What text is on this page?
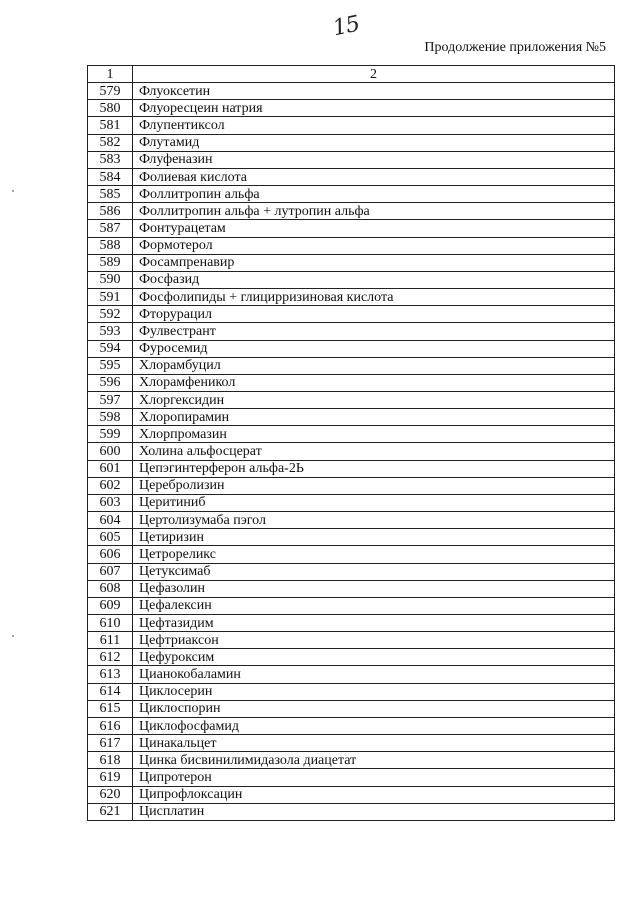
15
Продолжение приложения №5
1	2
579	Флуоксетин
580	Флуоресцеин натрия
581	Флупентиксол
582	Флутамид
583	Флуфеназин
584	Фолиевая кислота
585	Фоллитропин альфа
586	Фоллитропин альфа + лутропин альфа
587	Фонтурацетам
588	Формотерол
589	Фосампренавир
590	Фосфазид
591	Фосфолипиды + глицирризиновая кислота
592	Фторурацил
593	Фулвестрант
594	Фуросемид
595	Хлорамбуцил
596	Хлорамфеникол
597	Хлоргексидин
598	Хлоропирамин
599	Хлорпромазин
600	Холина альфосцерат
601	Цепэгинтерферон альфа-2Ь
602	Церебролизин
603	Церитиниб
604	Цертолизумаба пэгол
605	Цетиризин
606	Цетрореликс
607	Цетуксимаб
608	Цефазолин
609	Цефалексин
610	Цефтазидим
611	Цефтриаксон
612	Цефуроксим
613	Цианокобаламин
614	Циклосерин
615	Циклоспорин
616	Циклофосфамид
617	Цинакальцет
618	Цинка бисвинилимидазола диацетат
619	Ципротерон
620	Ципрофлоксацин
621	Цисплатин
